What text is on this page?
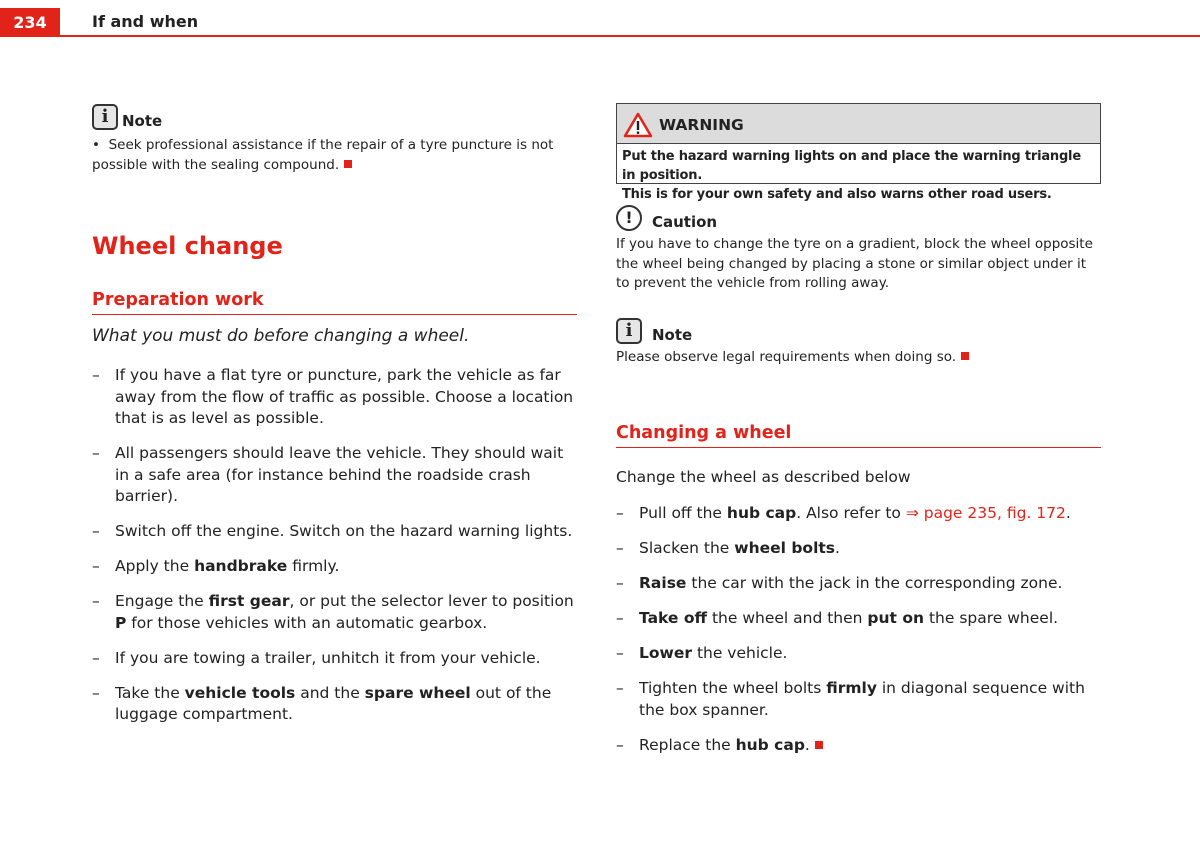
234	If and when
i Note
• Seek professional assistance if the repair of a tyre puncture is not possible with the sealing compound.
Wheel change
Preparation work
What you must do before changing a wheel.
– If you have a flat tyre or puncture, park the vehicle as far away from the flow of traffic as possible. Choose a location that is as level as possible.
– All passengers should leave the vehicle. They should wait in a safe area (for instance behind the roadside crash barrier).
– Switch off the engine. Switch on the hazard warning lights.
– Apply the handbrake firmly.
– Engage the first gear, or put the selector lever to position P for those vehicles with an automatic gearbox.
– If you are towing a trailer, unhitch it from your vehicle.
– Take the vehicle tools and the spare wheel out of the luggage compartment.
WARNING
Put the hazard warning lights on and place the warning triangle in position.
This is for your own safety and also warns other road users.
! Caution
If you have to change the tyre on a gradient, block the wheel opposite the wheel being changed by placing a stone or similar object under it to prevent the vehicle from rolling away.
i Note
Please observe legal requirements when doing so.
Changing a wheel
Change the wheel as described below
– Pull off the hub cap. Also refer to ⇒ page 235, fig. 172.
– Slacken the wheel bolts.
– Raise the car with the jack in the corresponding zone.
– Take off the wheel and then put on the spare wheel.
– Lower the vehicle.
– Tighten the wheel bolts firmly in diagonal sequence with the box spanner.
– Replace the hub cap.
